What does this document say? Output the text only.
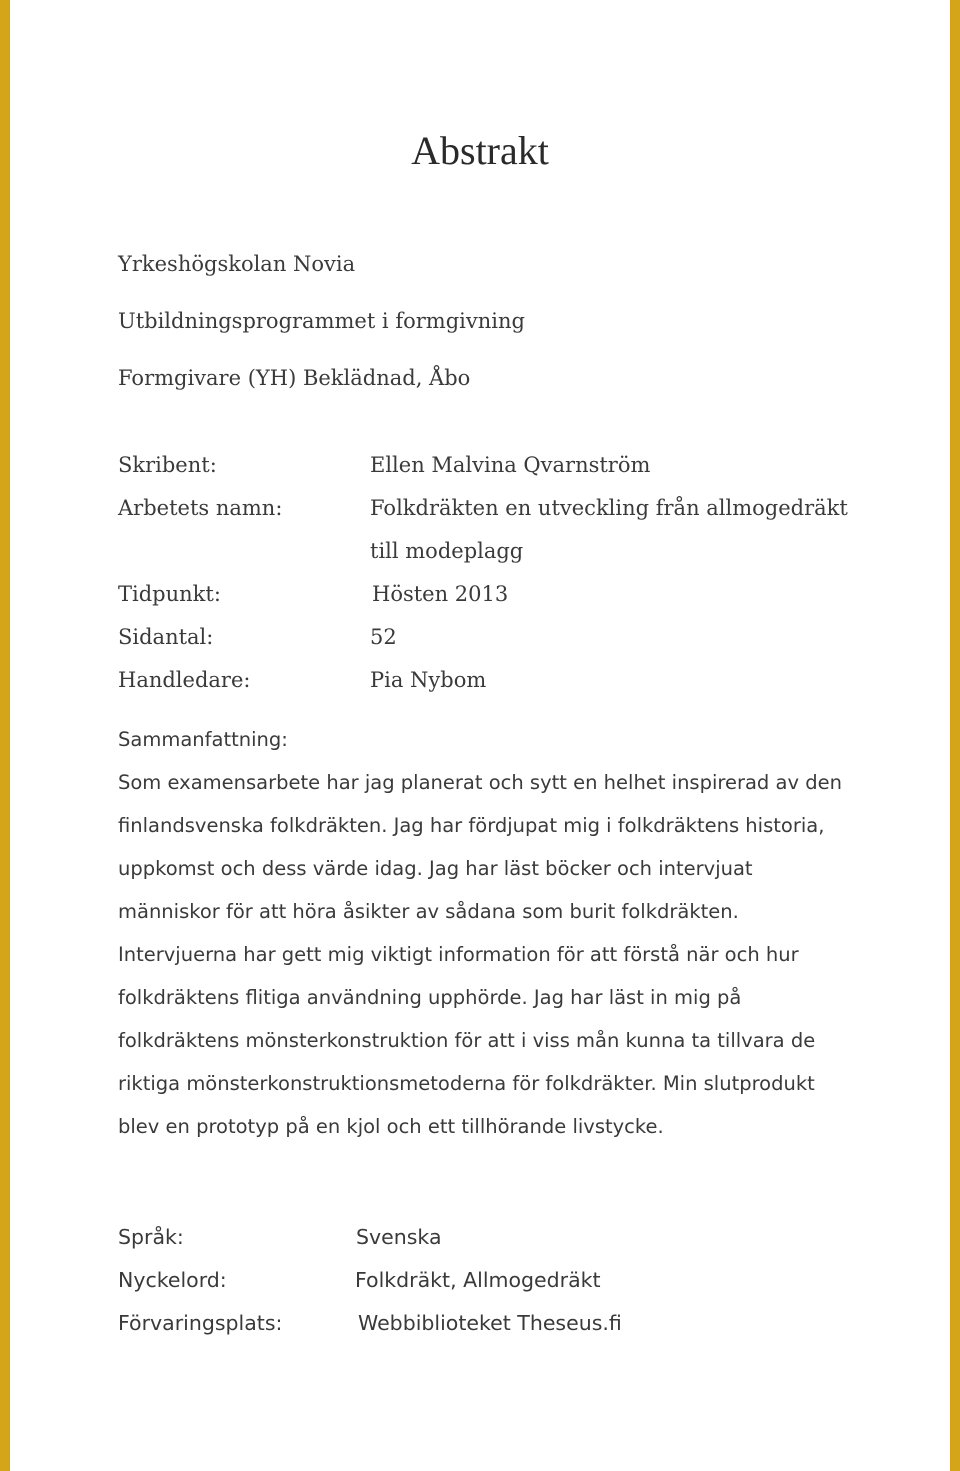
Abstrakt
Yrkeshögskolan Novia
Utbildningsprogrammet i formgivning
Formgivare (YH) Beklädnad, Åbo
Skribent:	Ellen Malvina Qvarnström
Arbetets namn:	Folkdräkten en utveckling från allmogedräkt
till modeplagg
Tidpunkt:	Hösten 2013
Sidantal:	52
Handledare:	Pia Nybom

Sammanfattning:

Som examensarbete har jag planerat och sytt en helhet inspirerad av den finlandsvenska folkdräkten. Jag har fördjupat mig i folkdräktens historia, uppkomst och dess värde idag. Jag har läst böcker och intervjuat människor för att höra åsikter av sådana som burit folkdräkten. Intervjuerna har gett mig viktigt information för att förstå när och hur folkdräktens flitiga användning upphörde. Jag har läst in mig på folkdräktens mönsterkonstruktion för att i viss mån kunna ta tillvara de riktiga mönsterkonstruktionsmetoderna för folkdräkter. Min slutprodukt blev en prototyp på en kjol och ett tillhörande livstycke.

Språk:	Svenska
Nyckelord:	Folkdräkt, Allmogedräkt
Förvaringsplats:	Webbiblioteket Theseus.fi
